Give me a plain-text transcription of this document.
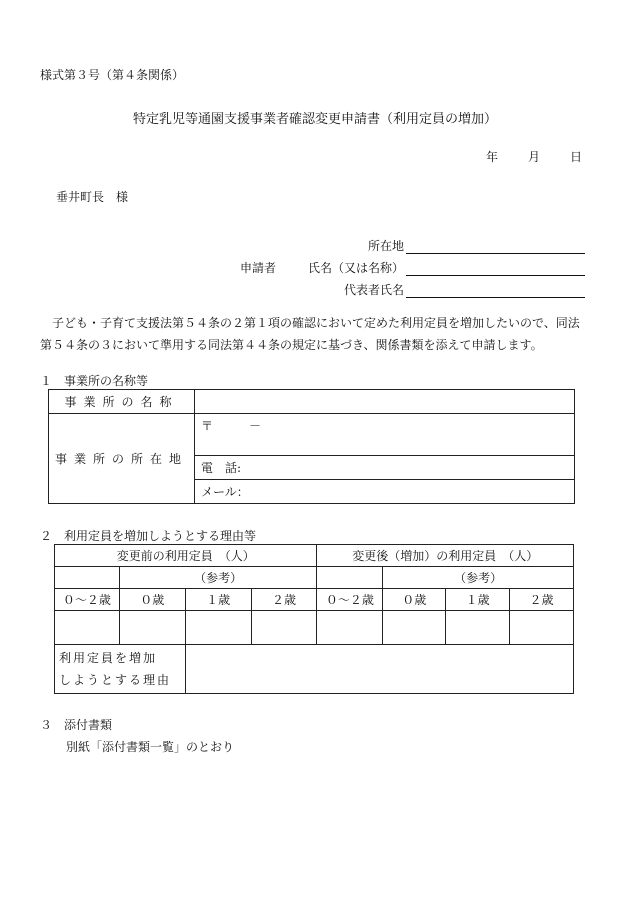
様式第３号（第４条関係）
特定乳児等通園支援事業者確認変更申請書（利用定員の増加）
年	月	日
垂井町長　様
所在地
申請者	氏名（又は名称）
代表者氏名
子ども・子育て支援法第５４条の２第１項の確認において定めた利用定員を増加したいので、同法第５４条の３において準用する同法第４４条の規定に基づき、関係書類を添えて申請します。
１　事業所の名称等
事業所の名称	
事業所の所在地	〒　　　－
	電　話:
	メール：
２　利用定員を増加しようとする理由等
変更前の利用定員　（人）				変更後（増加）の利用定員　（人）			
	（参考）				（参考）		
０～２歳	０歳	１歳	２歳	０～２歳	０歳	１歳	２歳

利用定員を増加
しようとする理由							

３　添付書類
別紙「添付書類一覧」のとおり
